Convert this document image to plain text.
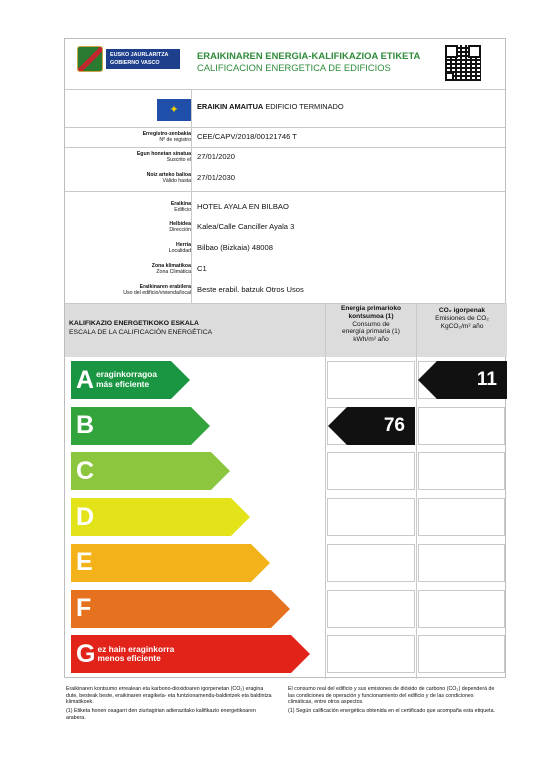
EUSKO JAURLARITZA
GOBIERNO VASCO
ERAIKINAREN ENERGIA-KALIFIKAZIOA ETIKETA
CALIFICACION ENERGETICA DE EDIFICIOS
✦	ERAIKIN AMAITUA EDIFICIO TERMINADO
Erregistro-zenbakia
Nº de registro CEE/CAPV/2018/00121746 T
Egun honetan sinatua
Suscrito el 27/01/2020
Noiz arteko balioa
Válido hasta 27/01/2030
Eraikina
Edificio HOTEL AYALA EN BILBAO
Helbidea
Dirección Kalea/Calle Canciller Ayala 3
Herria
Localidad Bilbao (Bizkaia) 48008
Zona klimatikoa
Zona Climática C1
Eraikinaren erabilera
Uso del edificio/vivienda/local Beste erabil. batzuk Otros Usos
KALIFIKAZIO ENERGETIKOKO ESKALA
ESCALA DE LA CALIFICACIÓN ENERGÉTICA
Energia primarioko
kontsumoa (1)
Consumo de
energía primaria (1)
kWh/m² año
CO₂ igorpenak
Emisiones de CO₂
KgCO₂/m² año
A eraginkorragoa
más eficiente
B
C
D
E
F
G ez hain eraginkorra
menos eficiente
76
11
Eraikinaren kontsumo errealean eta karbono-dioxidoaren igorpenetan (CO₂) eragina dute, besteak beste, eraikinaren eragiketa- eta funtzionamendu-baldintzek eta baldintza klimatikoek.
(1) Etiketa honen osagarri den ziurtagirian adierazitako kalifikazio energetikoaren arabera.
El consumo real del edificio y sus emisiones de dióxido de carbono (CO₂) dependerá de las condiciones de operación y funcionamiento del edificio y de las condiciones climáticas, entre otros aspectos.
(1) Según calificación energética obtenida en el certificado que acompaña esta etiqueta.
